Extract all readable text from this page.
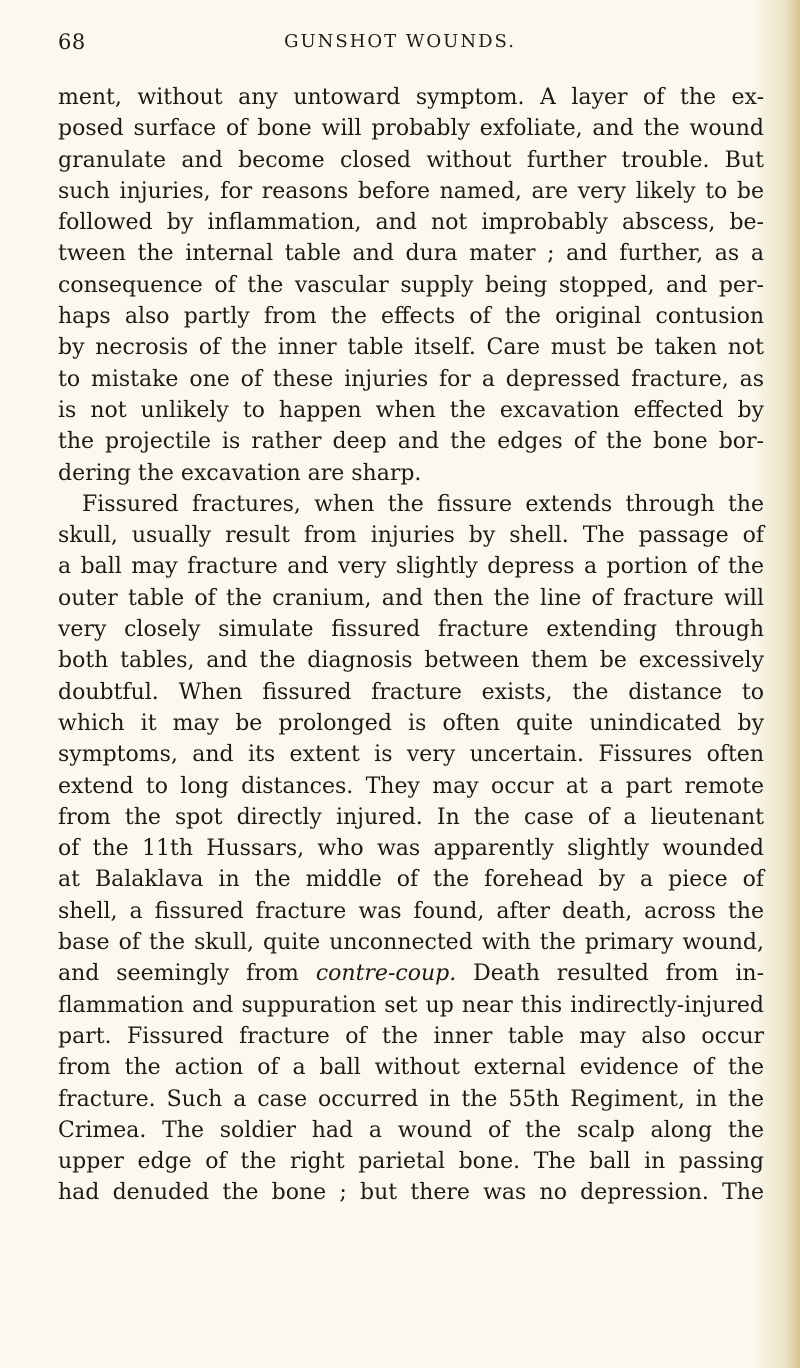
68	GUNSHOT WOUNDS.
ment, without any untoward symptom. A layer of the ex-
posed surface of bone will probably exfoliate, and the wound
granulate and become closed without further trouble. But
such injuries, for reasons before named, are very likely to be
followed by inflammation, and not improbably abscess, be-
tween the internal table and dura mater ; and further, as a
consequence of the vascular supply being stopped, and per-
haps also partly from the effects of the original contusion
by necrosis of the inner table itself. Care must be taken not
to mistake one of these injuries for a depressed fracture, as
is not unlikely to happen when the excavation effected by
the projectile is rather deep and the edges of the bone bor-
dering the excavation are sharp.
Fissured fractures, when the fissure extends through the
skull, usually result from injuries by shell. The passage of
a ball may fracture and very slightly depress a portion of the
outer table of the cranium, and then the line of fracture will
very closely simulate fissured fracture extending through
both tables, and the diagnosis between them be excessively
doubtful. When fissured fracture exists, the distance to
which it may be prolonged is often quite unindicated by
symptoms, and its extent is very uncertain. Fissures often
extend to long distances. They may occur at a part remote
from the spot directly injured. In the case of a lieutenant
of the 11th Hussars, who was apparently slightly wounded
at Balaklava in the middle of the forehead by a piece of
shell, a fissured fracture was found, after death, across the
base of the skull, quite unconnected with the primary wound,
and seemingly from contre-coup. Death resulted from in-
flammation and suppuration set up near this indirectly-injured
part. Fissured fracture of the inner table may also occur
from the action of a ball without external evidence of the
fracture. Such a case occurred in the 55th Regiment, in the
Crimea. The soldier had a wound of the scalp along the
upper edge of the right parietal bone. The ball in passing
had denuded the bone ; but there was no depression. The
